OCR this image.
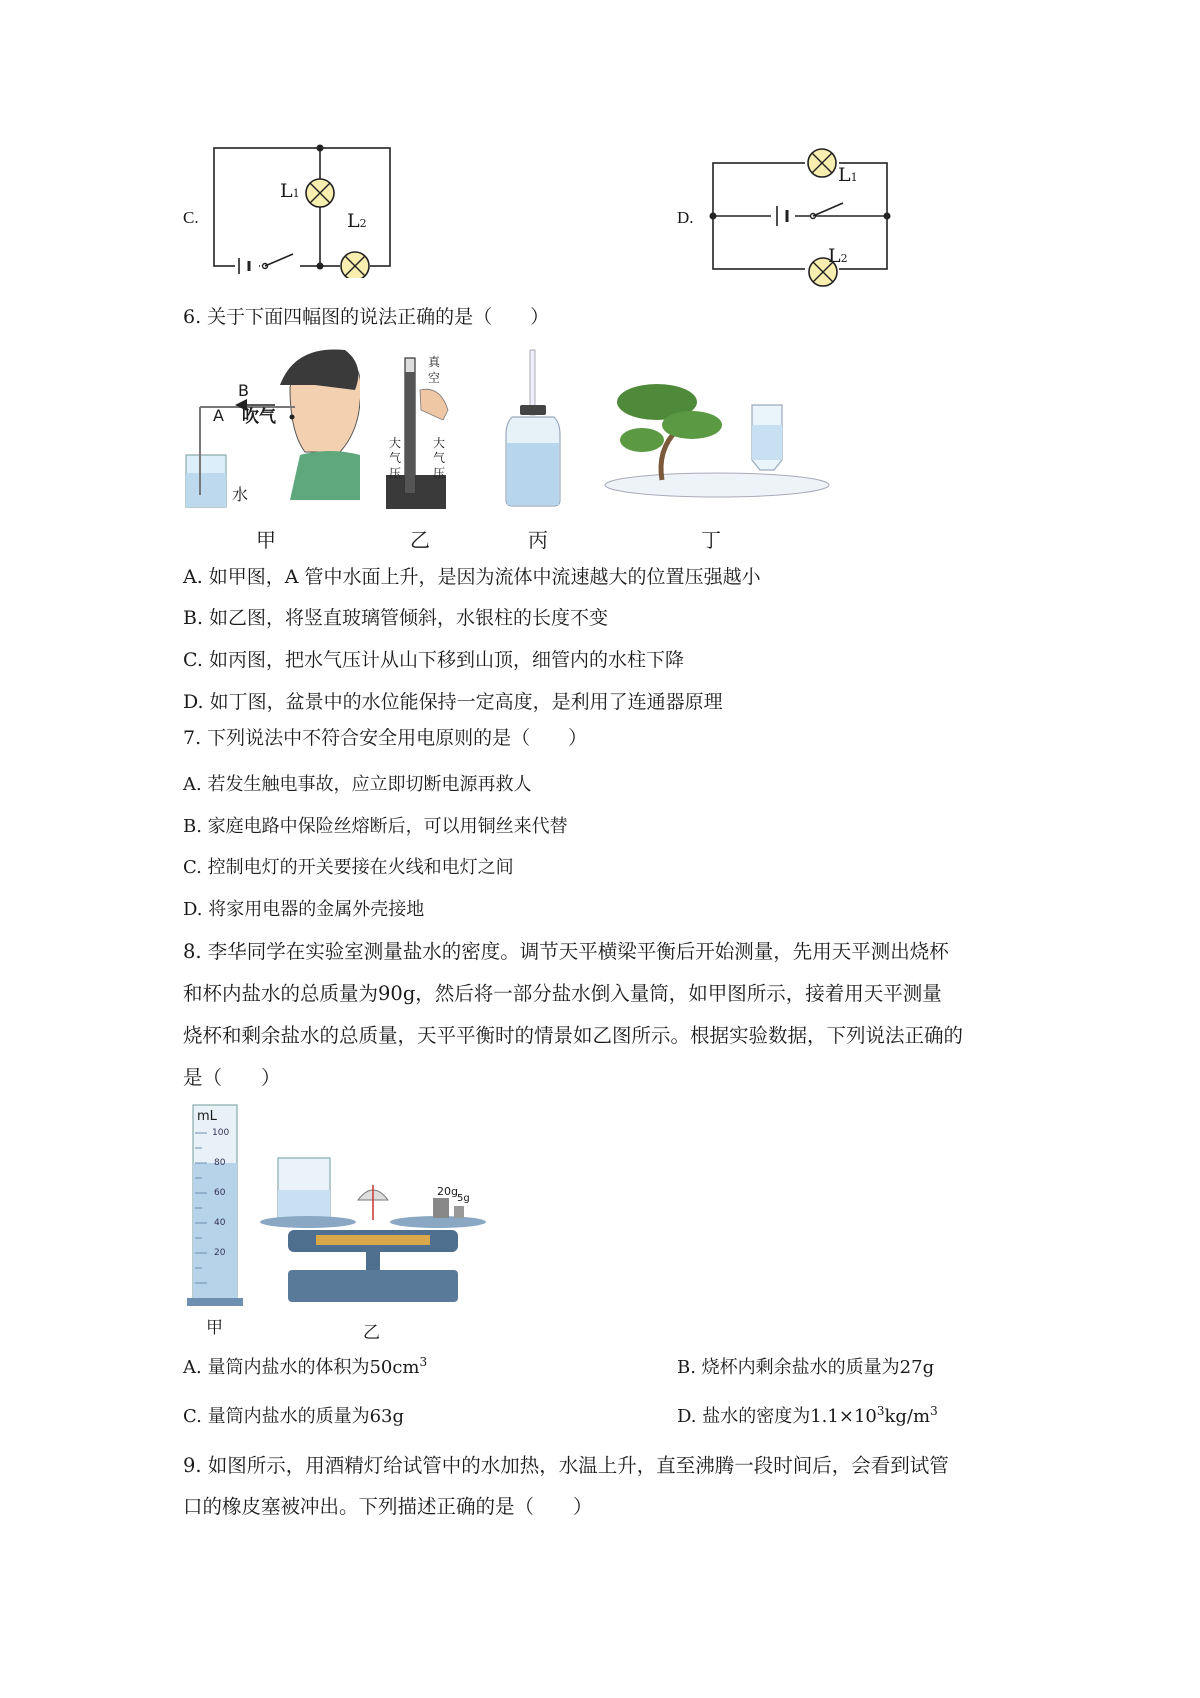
C.
L1
L2	D.
L1
L2
6. 关于下面四幅图的说法正确的是（　　）
B
A 吹气
水
真
空
大气压
大气压
甲	乙	丙	丁
A. 如甲图，A 管中水面上升，是因为流体中流速越大的位置压强越小
B. 如乙图，将竖直玻璃管倾斜，水银柱的长度不变
C. 如丙图，把水气压计从山下移到山顶，细管内的水柱下降
D. 如丁图，盆景中的水位能保持一定高度，是利用了连通器原理
7. 下列说法中不符合安全用电原则的是（　　）
A. 若发生触电事故，应立即切断电源再救人
B. 家庭电路中保险丝熔断后，可以用铜丝来代替
C. 控制电灯的开关要接在火线和电灯之间
D. 将家用电器的金属外壳接地
8. 李华同学在实验室测量盐水的密度。调节天平横梁平衡后开始测量，先用天平测出烧杯
和杯内盐水的总质量为90g，然后将一部分盐水倒入量筒，如甲图所示，接着用天平测量
烧杯和剩余盐水的总质量，天平平衡时的情景如乙图所示。根据实验数据，下列说法正确的
是（　　）
mL
100
80
60
40
20
20g
5g
甲	乙
A. 量筒内盐水的体积为$50cm^3$	B. 烧杯内剩余盐水的质量为27g
C. 量筒内盐水的质量为63g	D. 盐水的密度为$1.1\times 10^3kg/m^3$
9. 如图所示，用酒精灯给试管中的水加热，水温上升，直至沸腾一段时间后，会看到试管
口的橡皮塞被冲出。下列描述正确的是（　　）
